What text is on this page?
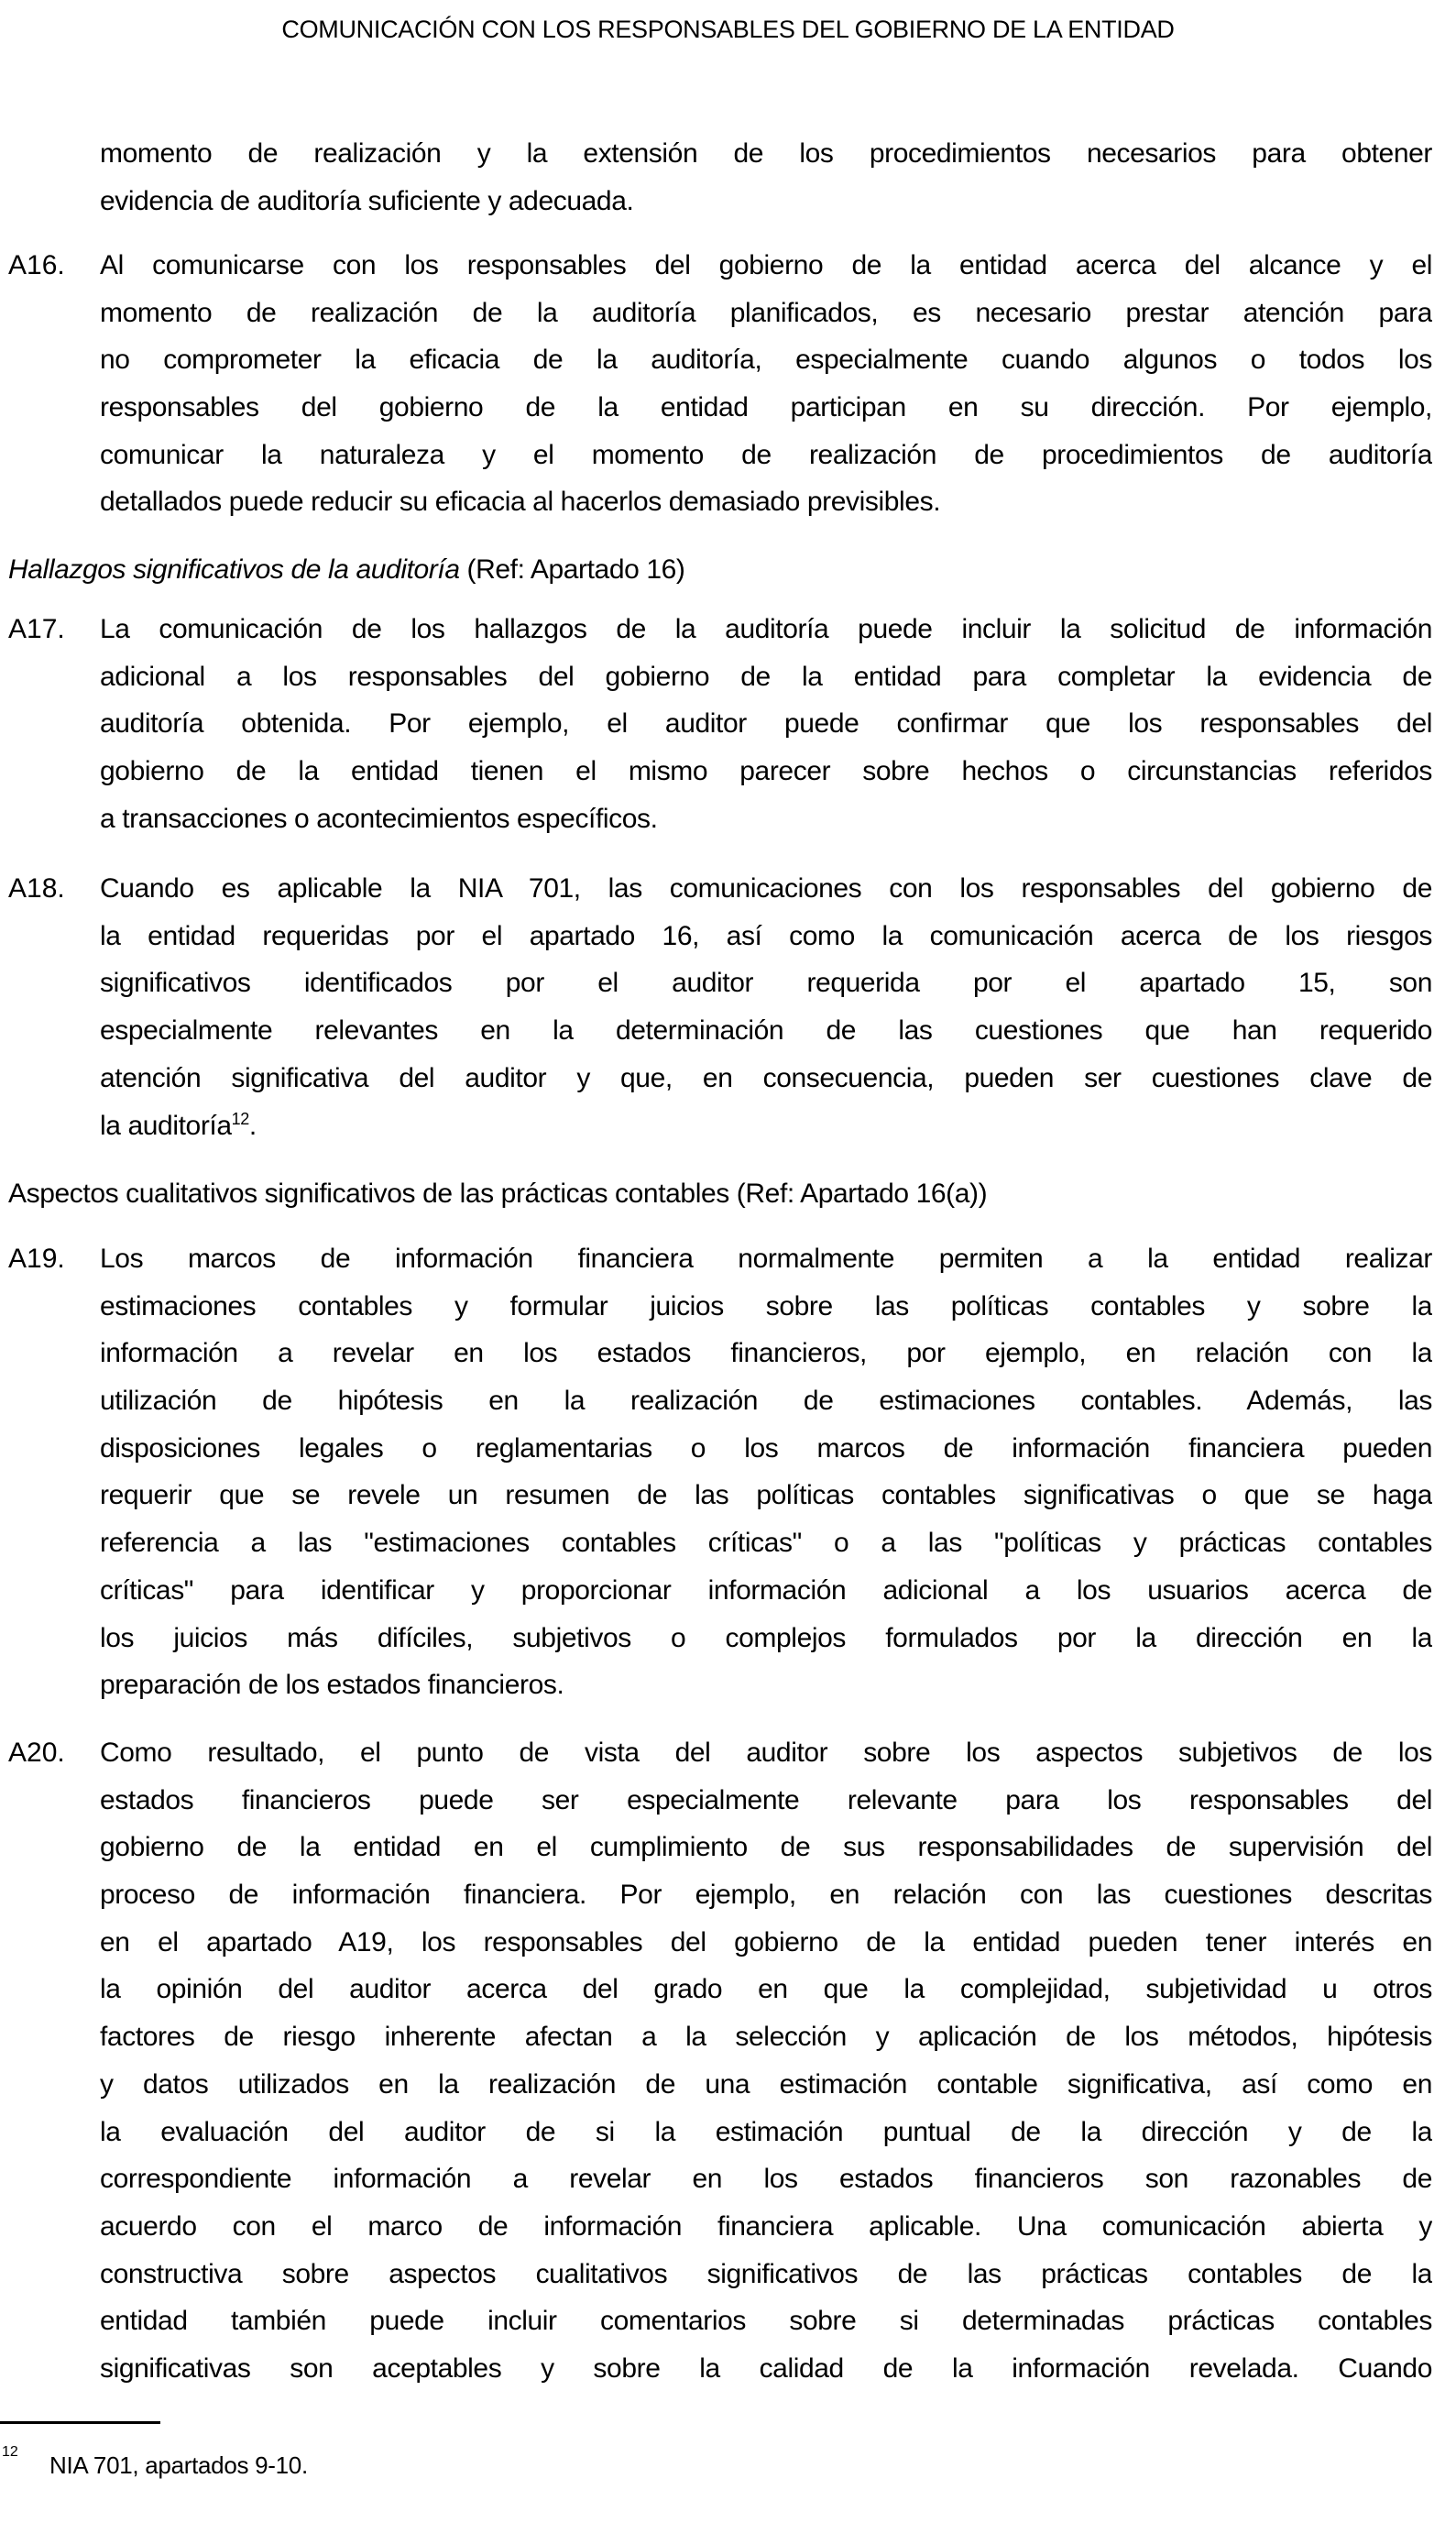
COMUNICACIÓN CON LOS RESPONSABLES DEL GOBIERNO DE LA ENTIDAD
momento de realización y la extensión de los procedimientos necesarios para obtener
evidencia de auditoría suficiente y adecuada.
A16. Al comunicarse con los responsables del gobierno de la entidad acerca del alcance y el
momento de realización de la auditoría planificados, es necesario prestar atención para
no comprometer la eficacia de la auditoría, especialmente cuando algunos o todos los
responsables del gobierno de la entidad participan en su dirección. Por ejemplo,
comunicar la naturaleza y el momento de realización de procedimientos de auditoría
detallados puede reducir su eficacia al hacerlos demasiado previsibles.
Hallazgos significativos de la auditoría (Ref: Apartado 16)
A17. La comunicación de los hallazgos de la auditoría puede incluir la solicitud de información
adicional a los responsables del gobierno de la entidad para completar la evidencia de
auditoría obtenida. Por ejemplo, el auditor puede confirmar que los responsables del
gobierno de la entidad tienen el mismo parecer sobre hechos o circunstancias referidos
a transacciones o acontecimientos específicos.
A18. Cuando es aplicable la NIA 701, las comunicaciones con los responsables del gobierno de
la entidad requeridas por el apartado 16, así como la comunicación acerca de los riesgos
significativos identificados por el auditor requerida por el apartado 15, son
especialmente relevantes en la determinación de las cuestiones que han requerido
atención significativa del auditor y que, en consecuencia, pueden ser cuestiones clave de
la auditoría$^{12}$.
Aspectos cualitativos significativos de las prácticas contables (Ref: Apartado 16(a))
A19. Los marcos de información financiera normalmente permiten a la entidad realizar
estimaciones contables y formular juicios sobre las políticas contables y sobre la
información a revelar en los estados financieros, por ejemplo, en relación con la
utilización de hipótesis en la realización de estimaciones contables. Además, las
disposiciones legales o reglamentarias o los marcos de información financiera pueden
requerir que se revele un resumen de las políticas contables significativas o que se haga
referencia a las "estimaciones contables críticas" o a las "políticas y prácticas contables
críticas" para identificar y proporcionar información adicional a los usuarios acerca de
los juicios más difíciles, subjetivos o complejos formulados por la dirección en la
preparación de los estados financieros.
A20. Como resultado, el punto de vista del auditor sobre los aspectos subjetivos de los
estados financieros puede ser especialmente relevante para los responsables del
gobierno de la entidad en el cumplimiento de sus responsabilidades de supervisión del
proceso de información financiera. Por ejemplo, en relación con las cuestiones descritas
en el apartado A19, los responsables del gobierno de la entidad pueden tener interés en
la opinión del auditor acerca del grado en que la complejidad, subjetividad u otros
factores de riesgo inherente afectan a la selección y aplicación de los métodos, hipótesis
y datos utilizados en la realización de una estimación contable significativa, así como en
la evaluación del auditor de si la estimación puntual de la dirección y de la
correspondiente información a revelar en los estados financieros son razonables de
acuerdo con el marco de información financiera aplicable. Una comunicación abierta y
constructiva sobre aspectos cualitativos significativos de las prácticas contables de la
entidad también puede incluir comentarios sobre si determinadas prácticas contables
significativas son aceptables y sobre la calidad de la información revelada. Cuando
12 NIA 701, apartados 9-10.
